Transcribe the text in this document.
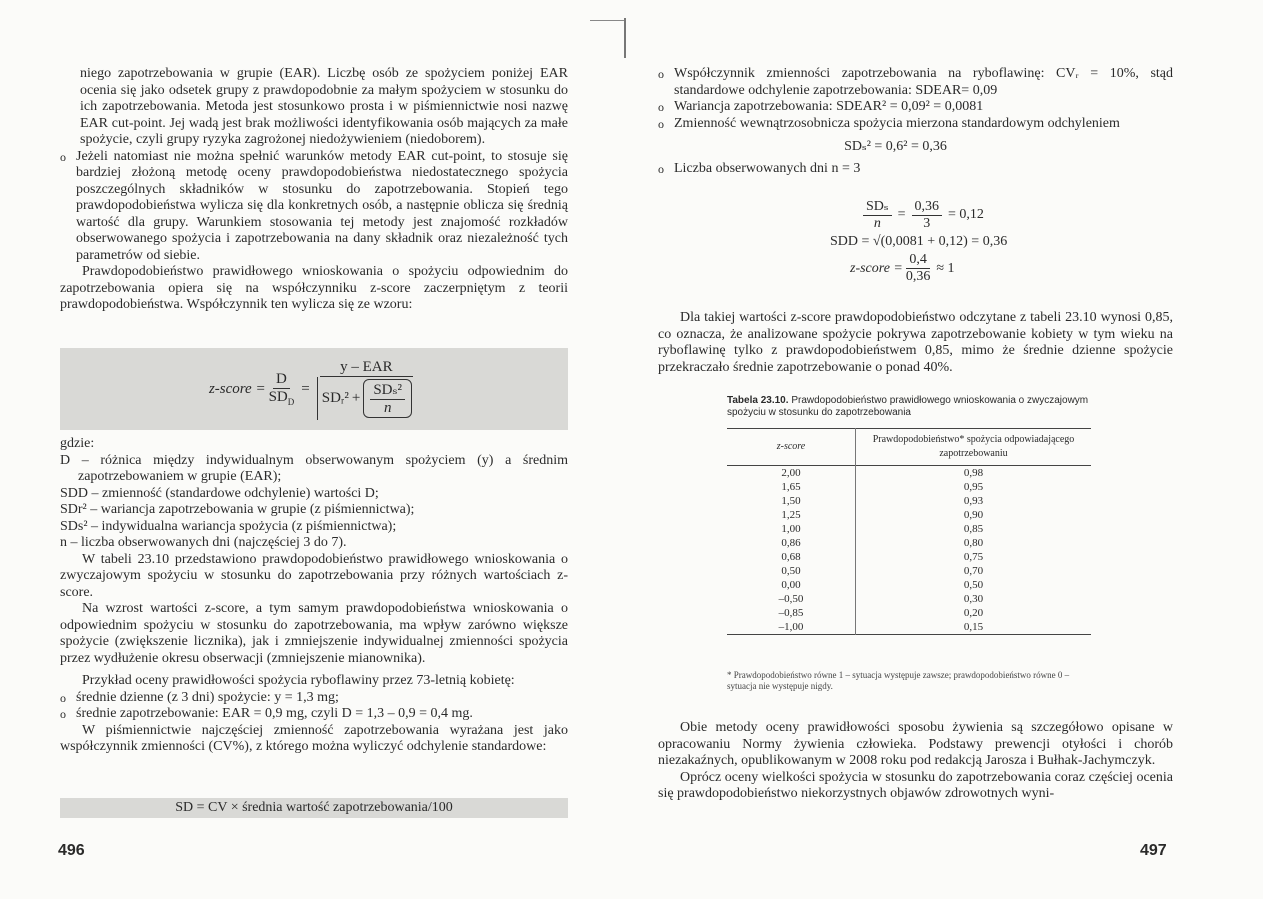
niego zapotrzebowania w grupie (EAR). Liczbę osób ze spożyciem poniżej EAR ocenia się jako odsetek grupy z prawdopodobnie za małym spożyciem w stosunku do ich zapotrzebowania. Metoda jest stosunkowo prosta i w piśmiennictwie nosi nazwę EAR cut-point. Jej wadą jest brak możliwości identyfikowania osób mających za małe spożycie, czyli grupy ryzyka zagrożonej niedożywieniem (niedoborem).

o Jeżeli natomiast nie można spełnić warunków metody EAR cut-point, to stosuje się bardziej złożoną metodę oceny prawdopodobieństwa niedostatecznego spożycia poszczególnych składników w stosunku do zapotrzebowania. Stopień tego prawdopodobieństwa wylicza się dla konkretnych osób, a następnie oblicza się średnią wartość dla grupy. Warunkiem stosowania tej metody jest znajomość rozkładów obserwowanego spożycia i zapotrzebowania na dany składnik oraz niezależność tych parametrów od siebie.

Prawdopodobieństwo prawidłowego wnioskowania o spożyciu odpowiednim do zapotrzebowania opiera się na współczynniku z-score zaczerpniętym z teorii prawdopodobieństwa. Współczynnik ten wylicza się ze wzoru:

z-score = $\frac{D}{SD_D} = \frac{\text{y – EAR}}{SDᵣ^2 + \frac{\text{SDₛ²}}{n}}$

gdzie:

D – różnica między indywidualnym obserwowanym spożyciem (y) a średnim zapotrzebowaniem w grupie (EAR);

SDD – zmienność (standardowe odchylenie) wartości D;

SDr² – wariancja zapotrzebowania w grupie (z piśmiennictwa);

SDs² – indywidualna wariancja spożycia (z piśmiennictwa);

n – liczba obserwowanych dni (najczęściej 3 do 7).

W tabeli 23.10 przedstawiono prawdopodobieństwo prawidłowego wnioskowania o zwyczajowym spożyciu w stosunku do zapotrzebowania przy różnych wartościach z-score.

Na wzrost wartości z-score, a tym samym prawdopodobieństwa wnioskowania o odpowiednim spożyciu w stosunku do zapotrzebowania, ma wpływ zarówno większe spożycie (zwiększenie licznika), jak i zmniejszenie indywidualnej zmienności spożycia przez wydłużenie okresu obserwacji (zmniejszenie mianownika).

Przykład oceny prawidłowości spożycia ryboflawiny przez 73-letnią kobietę:

o średnie dzienne (z 3 dni) spożycie: y = 1,3 mg;

o średnie zapotrzebowanie: EAR = 0,9 mg, czyli D = 1,3 – 0,9 = 0,4 mg.

W piśmiennictwie najczęściej zmienność zapotrzebowania wyrażana jest jako współczynnik zmienności (CV%), z którego można wyliczyć odchylenie standardowe:

SD = CV × średnia wartość zapotrzebowania/100
496

o Współczynnik zmienności zapotrzebowania na ryboflawinę: CVᵣ = 10%, stąd standardowe odchylenie zapotrzebowania: SDEAR= 0,09

o Wariancja zapotrzebowania: SDEAR² = 0,09² = 0,0081

o Zmienność wewnątrzosobnicza spożycia mierzona standardowym odchyleniem

SDₛ² = 0,6² = 0,36

o Liczba obserwowanych dni n = 3

$\frac{\text{SDₛ}}{n} = \frac{0,36}{3} = 0,12$

SDD = √(0,0081 + 0,12) = 0,36

z-score = $\frac{0,4}{0,36} \approx 1$

Dla takiej wartości z-score prawdopodobieństwo odczytane z tabeli 23.10 wynosi 0,85, co oznacza, że analizowane spożycie pokrywa zapotrzebowanie kobiety w tym wieku na ryboflawinę tylko z prawdopodobieństwem 0,85, mimo że średnie dzienne spożycie przekraczało średnie zapotrzebowanie o ponad 40%.

Tabela 23.10. Prawdopodobieństwo prawidłowego wnioskowania o zwyczajowym spożyciu w stosunku do zapotrzebowania
z-score	Prawdopodobieństwo* spożycia odpowiadającego zapotrzebowaniu
2,00	0,98
1,65	0,95
1,50	0,93
1,25	0,90
1,00	0,85
0,86	0,80
0,68	0,75
0,50	0,70
0,00	0,50
–0,50	0,30
–0,85	0,20
–1,00	0,15
* Prawdopodobieństwo równe 1 – sytuacja występuje zawsze; prawdopodobieństwo równe 0 – sytuacja nie występuje nigdy.

Obie metody oceny prawidłowości sposobu żywienia są szczegółowo opisane w opracowaniu Normy żywienia człowieka. Podstawy prewencji otyłości i chorób niezakaźnych, opublikowanym w 2008 roku pod redakcją Jarosza i Bułhak-Jachymczyk.

Oprócz oceny wielkości spożycia w stosunku do zapotrzebowania coraz częściej ocenia się prawdopodobieństwo niekorzystnych objawów zdrowotnych wyni-

497
